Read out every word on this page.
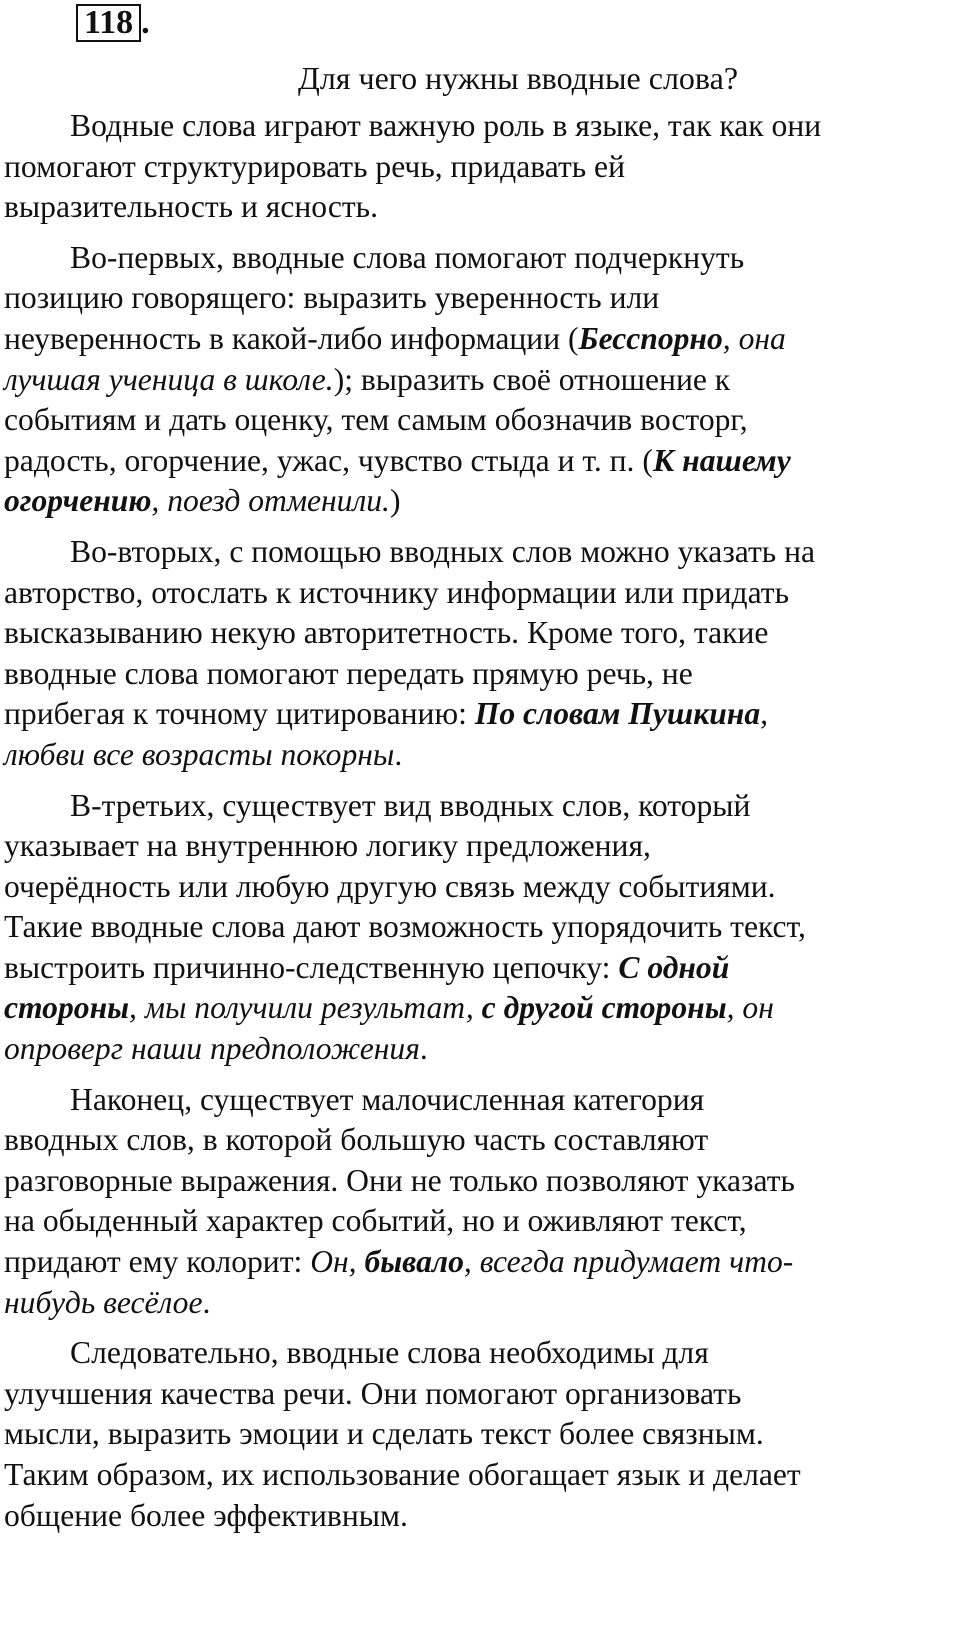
118 .
Для чего нужны вводные слова?

Водные слова играют важную роль в языке, так как они
помогают структурировать речь, придавать ей
выразительность и ясность.

Во-первых, вводные слова помогают подчеркнуть
позицию говорящего: выразить уверенность или
неуверенность в какой-либо информации (Бесспорно, она
лучшая ученица в школе.); выразить своё отношение к
событиям и дать оценку, тем самым обозначив восторг,
радость, огорчение, ужас, чувство стыда и т. п. (К нашему
огорчению, поезд отменили.)

Во-вторых, с помощью вводных слов можно указать на
авторство, отослать к источнику информации или придать
высказыванию некую авторитетность. Кроме того, такие
вводные слова помогают передать прямую речь, не
прибегая к точному цитированию: По словам Пушкина,
любви все возрасты покорны.

В-третьих, существует вид вводных слов, который
указывает на внутреннюю логику предложения,
очерёдность или любую другую связь между событиями.
Такие вводные слова дают возможность упорядочить текст,
выстроить причинно-следственную цепочку: С одной
стороны, мы получили результат, с другой стороны, он
опроверг наши предположения.

Наконец, существует малочисленная категория
вводных слов, в которой большую часть составляют
разговорные выражения. Они не только позволяют указать
на обыденный характер событий, но и оживляют текст,
придают ему колорит: Он, бывало, всегда придумает что-
нибудь весёлое.

Следовательно, вводные слова необходимы для
улучшения качества речи. Они помогают организовать
мысли, выразить эмоции и сделать текст более связным.
Таким образом, их использование обогащает язык и делает
общение более эффективным.
